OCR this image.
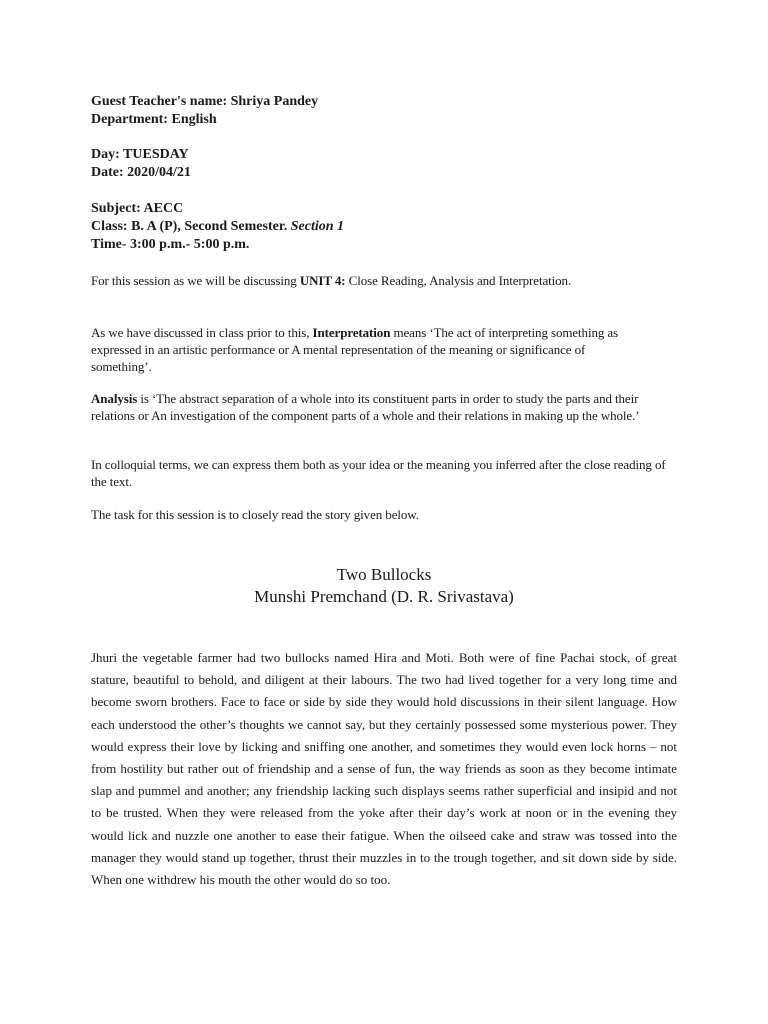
Guest Teacher's name: Shriya Pandey

Department: English

Day: TUESDAY

Date: 2020/04/21

Subject: AECC

Class: B. A (P), Second Semester. Section 1

Time- 3:00 p.m.- 5:00 p.m.

For this session as we will be discussing UNIT 4: Close Reading, Analysis and Interpretation.

As we have discussed in class prior to this, Interpretation means ‘The act of interpreting something as expressed in an artistic performance or A mental representation of the meaning or significance of something’.

Analysis is ‘The abstract separation of a whole into its constituent parts in order to study the parts and their relations or An investigation of the component parts of a whole and their relations in making up the whole.’

In colloquial terms, we can express them both as your idea or the meaning you inferred after the close reading of the text.

The task for this session is to closely read the story given below.

Two Bullocks
Munshi Premchand (D. R. Srivastava)

Jhuri the vegetable farmer had two bullocks named Hira and Moti. Both were of fine Pachai stock, of great stature, beautiful to behold, and diligent at their labours. The two had lived together for a very long time and become sworn brothers. Face to face or side by side they would hold discussions in their silent language. How each understood the other’s thoughts we cannot say, but they certainly possessed some mysterious power. They would express their love by licking and sniffing one another, and sometimes they would even lock horns – not from hostility but rather out of friendship and a sense of fun, the way friends as soon as they become intimate slap and pummel and another; any friendship lacking such displays seems rather superficial and insipid and not to be trusted. When they were released from the yoke after their day’s work at noon or in the evening they would lick and nuzzle one another to ease their fatigue. When the oilseed cake and straw was tossed into the manager they would stand up together, thrust their muzzles in to the trough together, and sit down side by side. When one withdrew his mouth the other would do so too.
